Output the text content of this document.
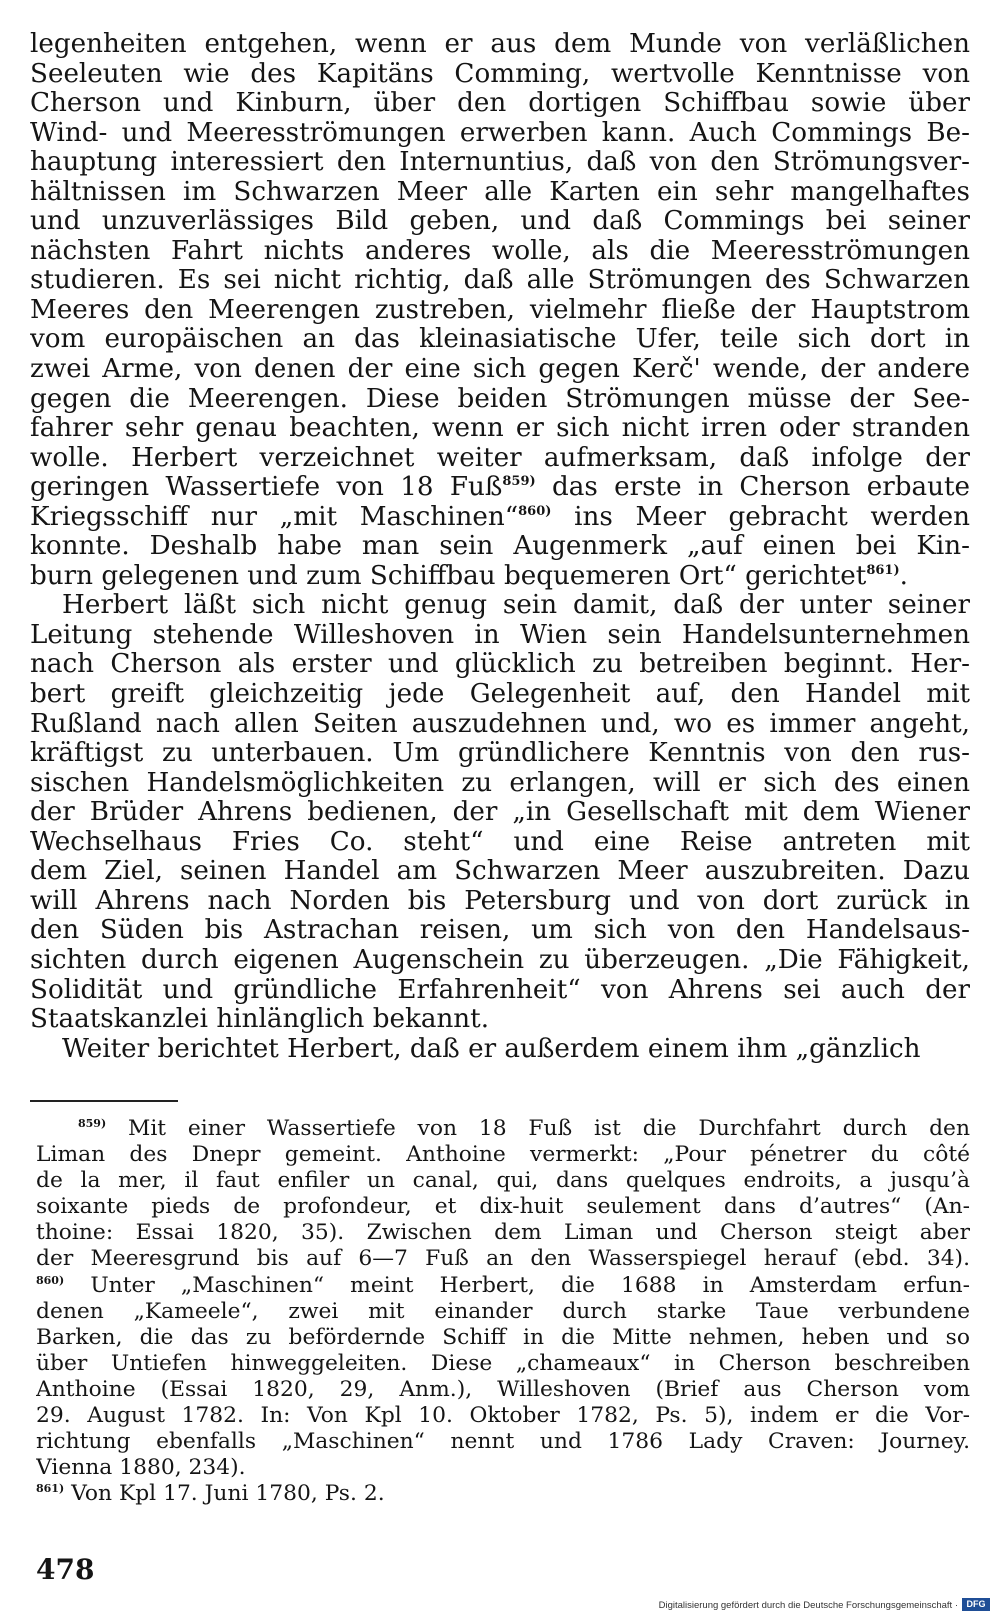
legenheiten entgehen, wenn er aus dem Munde von verläßlichen
Seeleuten wie des Kapitäns Comming, wertvolle Kenntnisse von
Cherson und Kinburn, über den dortigen Schiffbau sowie über
Wind- und Meeresströmungen erwerben kann. Auch Commings Be-
hauptung interessiert den Internuntius, daß von den Strömungsver-
hältnissen im Schwarzen Meer alle Karten ein sehr mangelhaftes
und unzuverlässiges Bild geben, und daß Commings bei seiner
nächsten Fahrt nichts anderes wolle, als die Meeresströmungen
studieren. Es sei nicht richtig, daß alle Strömungen des Schwarzen
Meeres den Meerengen zustreben, vielmehr fließe der Hauptstrom
vom europäischen an das kleinasiatische Ufer, teile sich dort in
zwei Arme, von denen der eine sich gegen Kerč' wende, der andere
gegen die Meerengen. Diese beiden Strömungen müsse der See-
fahrer sehr genau beachten, wenn er sich nicht irren oder stranden
wolle. Herbert verzeichnet weiter aufmerksam, daß infolge der
geringen Wassertiefe von 18 Fuß$^{859)}$ das erste in Cherson erbaute
Kriegsschiff nur „mit Maschinen“$^{860)}$ ins Meer gebracht werden
konnte. Deshalb habe man sein Augenmerk „auf einen bei Kin-
burn gelegenen und zum Schiffbau bequemeren Ort“ gerichtet$^{861)}$.
Herbert läßt sich nicht genug sein damit, daß der unter seiner
Leitung stehende Willeshoven in Wien sein Handelsunternehmen
nach Cherson als erster und glücklich zu betreiben beginnt. Her-
bert greift gleichzeitig jede Gelegenheit auf, den Handel mit
Rußland nach allen Seiten auszudehnen und, wo es immer angeht,
kräftigst zu unterbauen. Um gründlichere Kenntnis von den rus-
sischen Handelsmöglichkeiten zu erlangen, will er sich des einen
der Brüder Ahrens bedienen, der „in Gesellschaft mit dem Wiener
Wechselhaus Fries Co. steht“ und eine Reise antreten mit
dem Ziel, seinen Handel am Schwarzen Meer auszubreiten. Dazu
will Ahrens nach Norden bis Petersburg und von dort zurück in
den Süden bis Astrachan reisen, um sich von den Handelsaus-
sichten durch eigenen Augenschein zu überzeugen. „Die Fähigkeit,
Solidität und gründliche Erfahrenheit“ von Ahrens sei auch der
Staatskanzlei hinlänglich bekannt.
Weiter berichtet Herbert, daß er außerdem einem ihm „gänzlich
$^{859)}$ Mit einer Wassertiefe von 18 Fuß ist die Durchfahrt durch den
Liman des Dnepr gemeint. Anthoine vermerkt: „Pour pénetrer du côté
de la mer, il faut enfiler un canal, qui, dans quelques endroits, a jusqu’à
soixante pieds de profondeur, et dix-huit seulement dans d’autres“ (An-
thoine: Essai 1820, 35). Zwischen dem Liman und Cherson steigt aber
der Meeresgrund bis auf 6—7 Fuß an den Wasserspiegel herauf (ebd. 34).
$^{860)}$ Unter „Maschinen“ meint Herbert, die 1688 in Amsterdam erfun-
denen „Kameele“, zwei mit einander durch starke Taue verbundene
Barken, die das zu befördernde Schiff in die Mitte nehmen, heben und so
über Untiefen hinweggeleiten. Diese „chameaux“ in Cherson beschreiben
Anthoine (Essai 1820, 29, Anm.), Willeshoven (Brief aus Cherson vom
29. August 1782. In: Von Kpl 10. Oktober 1782, Ps. 5), indem er die Vor-
richtung ebenfalls „Maschinen“ nennt und 1786 Lady Craven: Journey.
Vienna 1880, 234).
$^{861)}$ Von Kpl 17. Juni 1780, Ps. 2.
478
Digitalisierung gefördert durch die Deutsche Forschungsgemeinschaft · DFG
